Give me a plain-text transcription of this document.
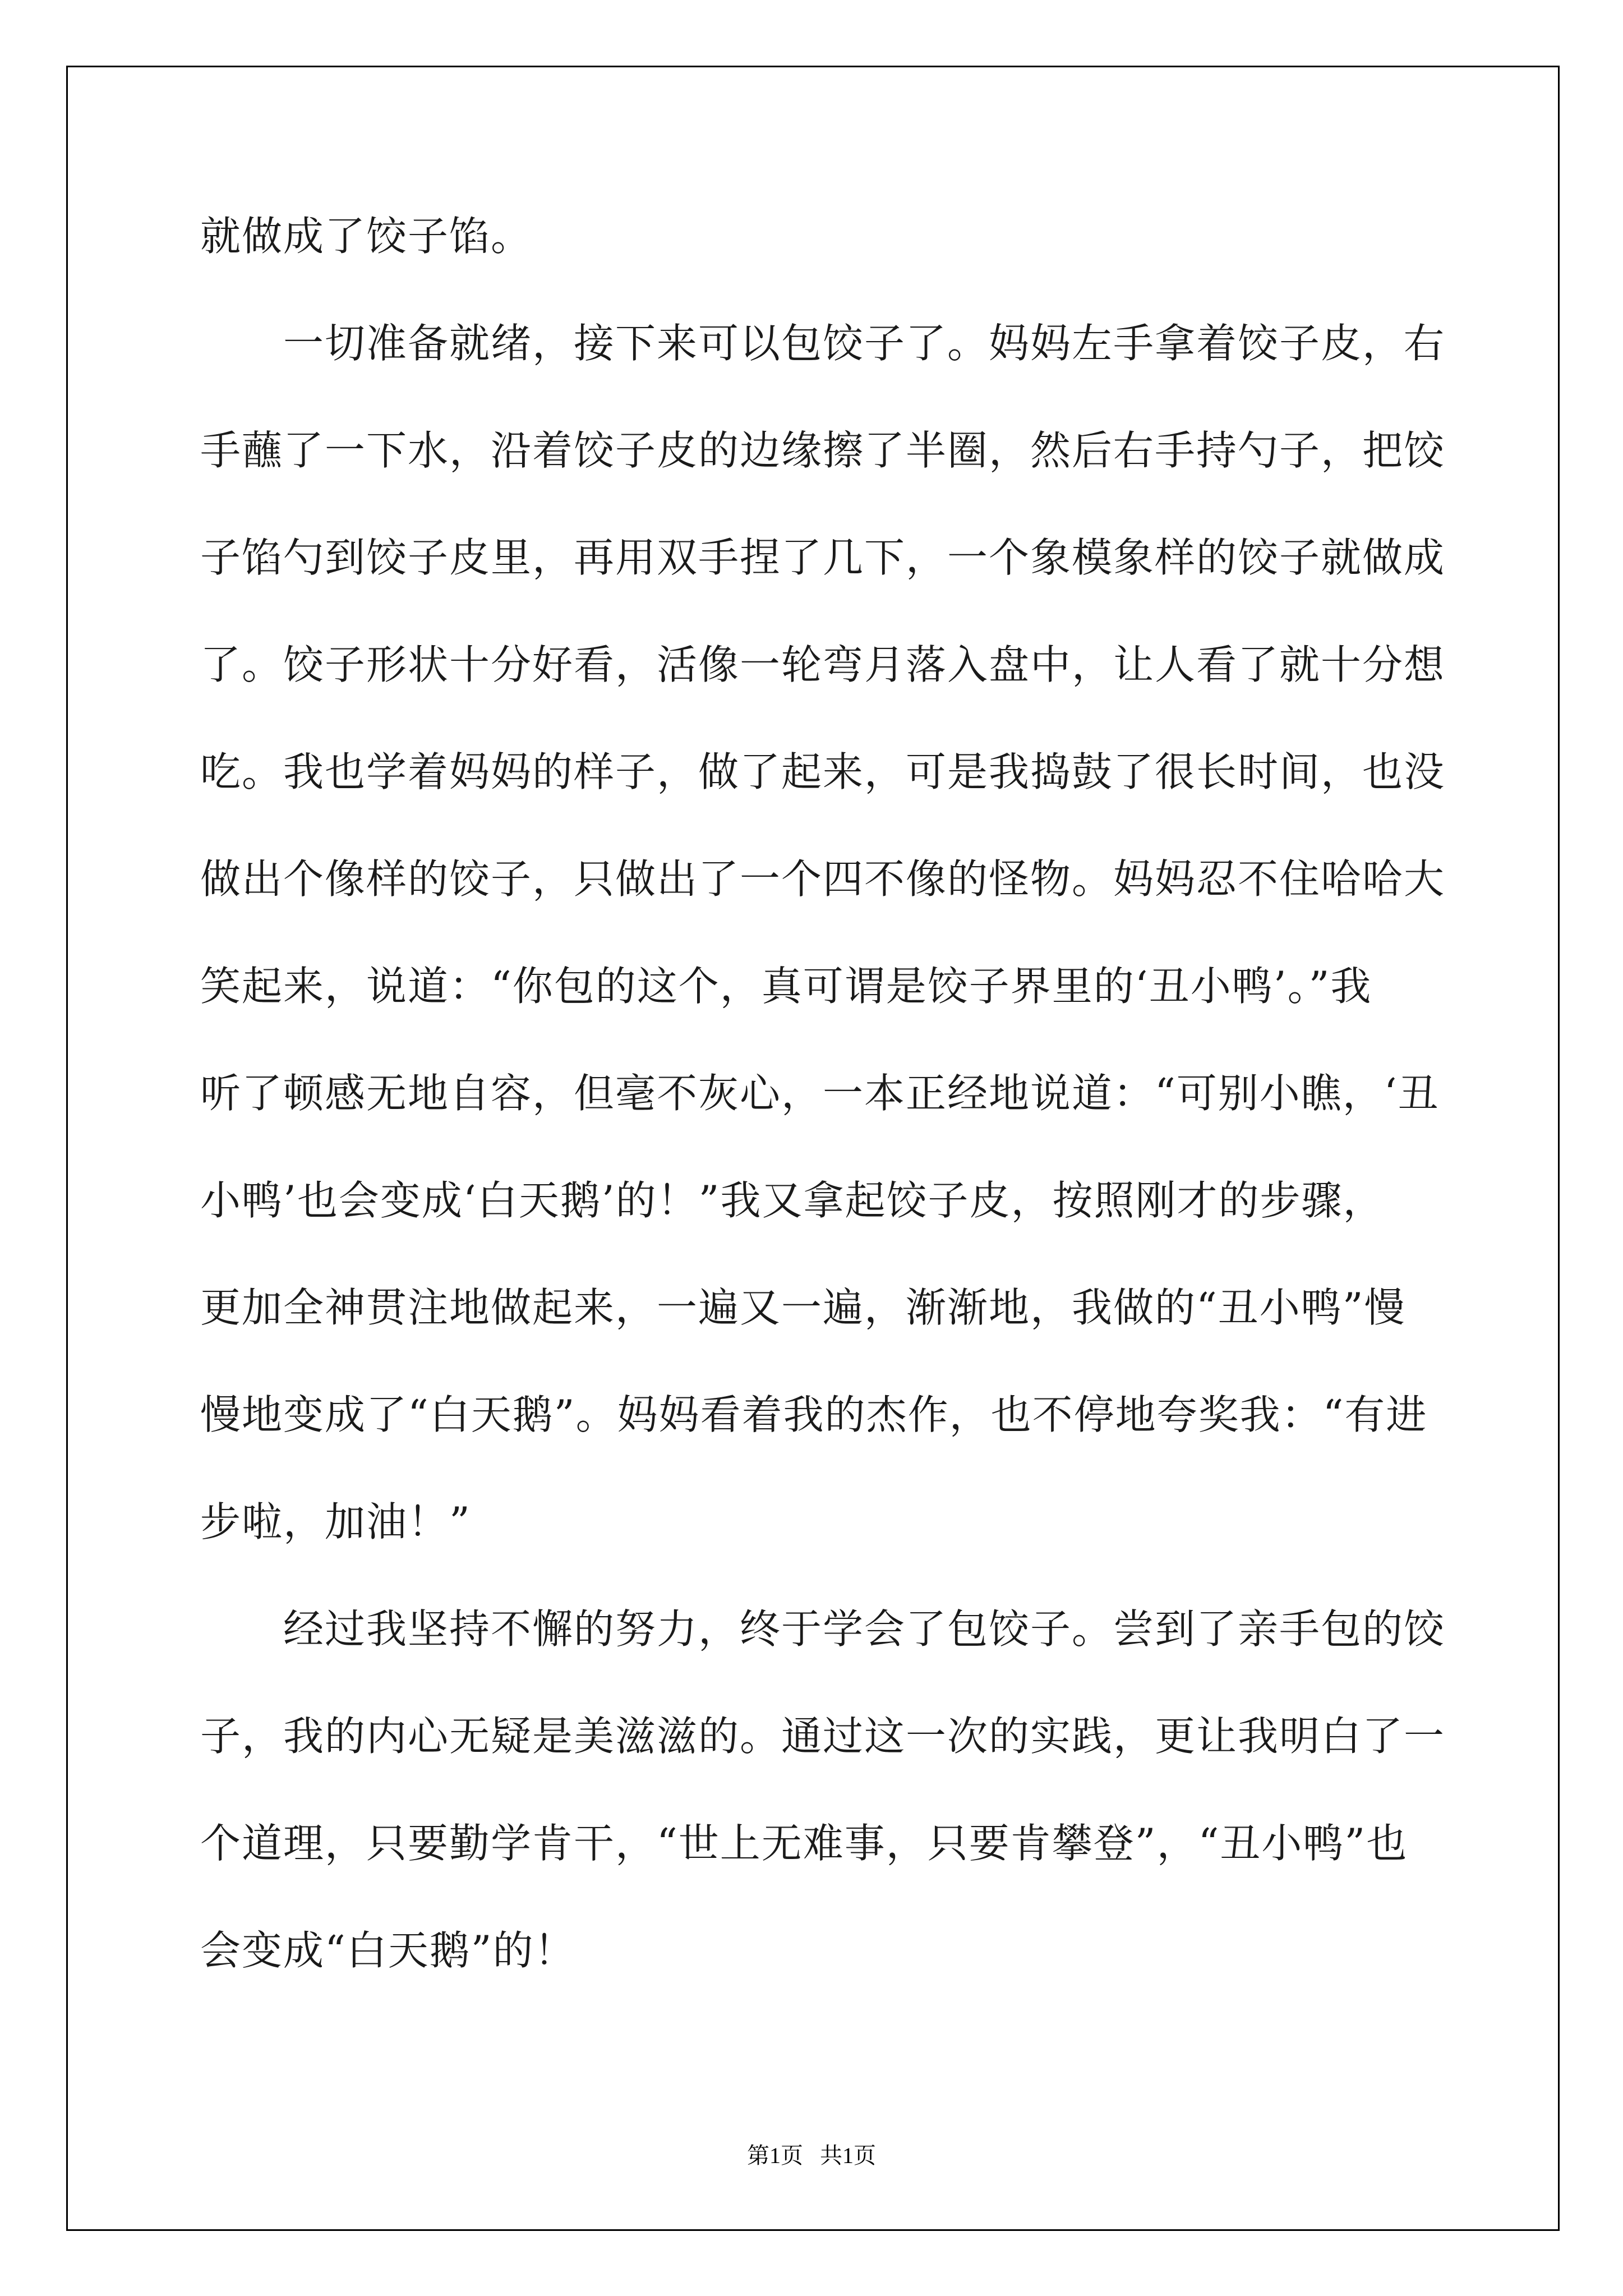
就做成了饺子馅。
一切准备就绪，接下来可以包饺子了。妈妈左手拿着饺子皮，右
手蘸了一下水，沿着饺子皮的边缘擦了半圈，然后右手持勺子，把饺
子馅勺到饺子皮里，再用双手捏了几下，一个象模象样的饺子就做成
了。饺子形状十分好看，活像一轮弯月落入盘中，让人看了就十分想
吃。我也学着妈妈的样子，做了起来，可是我捣鼓了很长时间，也没
做出个像样的饺子，只做出了一个四不像的怪物。妈妈忍不住哈哈大
笑起来，说道：“你包的这个，真可谓是饺子界里的‘丑小鸭’。”我
听了顿感无地自容，但毫不灰心，一本正经地说道：“可别小瞧，‘丑
小鸭’也会变成‘白天鹅’的！”我又拿起饺子皮，按照刚才的步骤，
更加全神贯注地做起来，一遍又一遍，渐渐地，我做的“丑小鸭”慢
慢地变成了“白天鹅”。妈妈看着我的杰作，也不停地夸奖我：“有进
步啦，加油！”
经过我坚持不懈的努力，终于学会了包饺子。尝到了亲手包的饺
子，我的内心无疑是美滋滋的。通过这一次的实践，更让我明白了一
个道理，只要勤学肯干，“世上无难事，只要肯攀登”，“丑小鸭”也
会变成“白天鹅”的！
第1页   共1页
